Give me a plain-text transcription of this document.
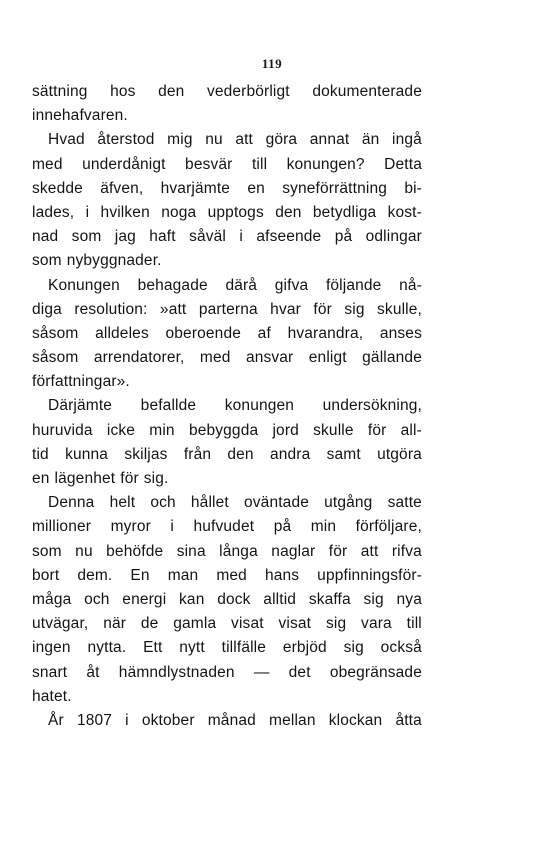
119
sättning hos den vederbörligt dokumenterade
innehafvaren.
Hvad återstod mig nu att göra annat än ingå
med underdånigt besvär till konungen? Detta
skedde äfven, hvarjämte en syneförrättning bi-
lades, i hvilken noga upptogs den betydliga kost-
nad som jag haft såväl i afseende på odlingar
som nybyggnader.
Konungen behagade därå gifva följande nå-
diga resolution: »att parterna hvar för sig skulle,
såsom alldeles oberoende af hvarandra, anses
såsom arrendatorer, med ansvar enligt gällande
författningar».
Därjämte befallde konungen undersökning,
huruvida icke min bebyggda jord skulle för all-
tid kunna skiljas från den andra samt utgöra
en lägenhet för sig.
Denna helt och hållet oväntade utgång satte
millioner myror i hufvudet på min förföljare,
som nu behöfde sina långa naglar för att rifva
bort dem. En man med hans uppfinningsför-
måga och energi kan dock alltid skaffa sig nya
utvägar, när de gamla visat visat sig vara till
ingen nytta. Ett nytt tillfälle erbjöd sig också
snart åt hämndlystnaden — det obegränsade
hatet.
År 1807 i oktober månad mellan klockan åtta
